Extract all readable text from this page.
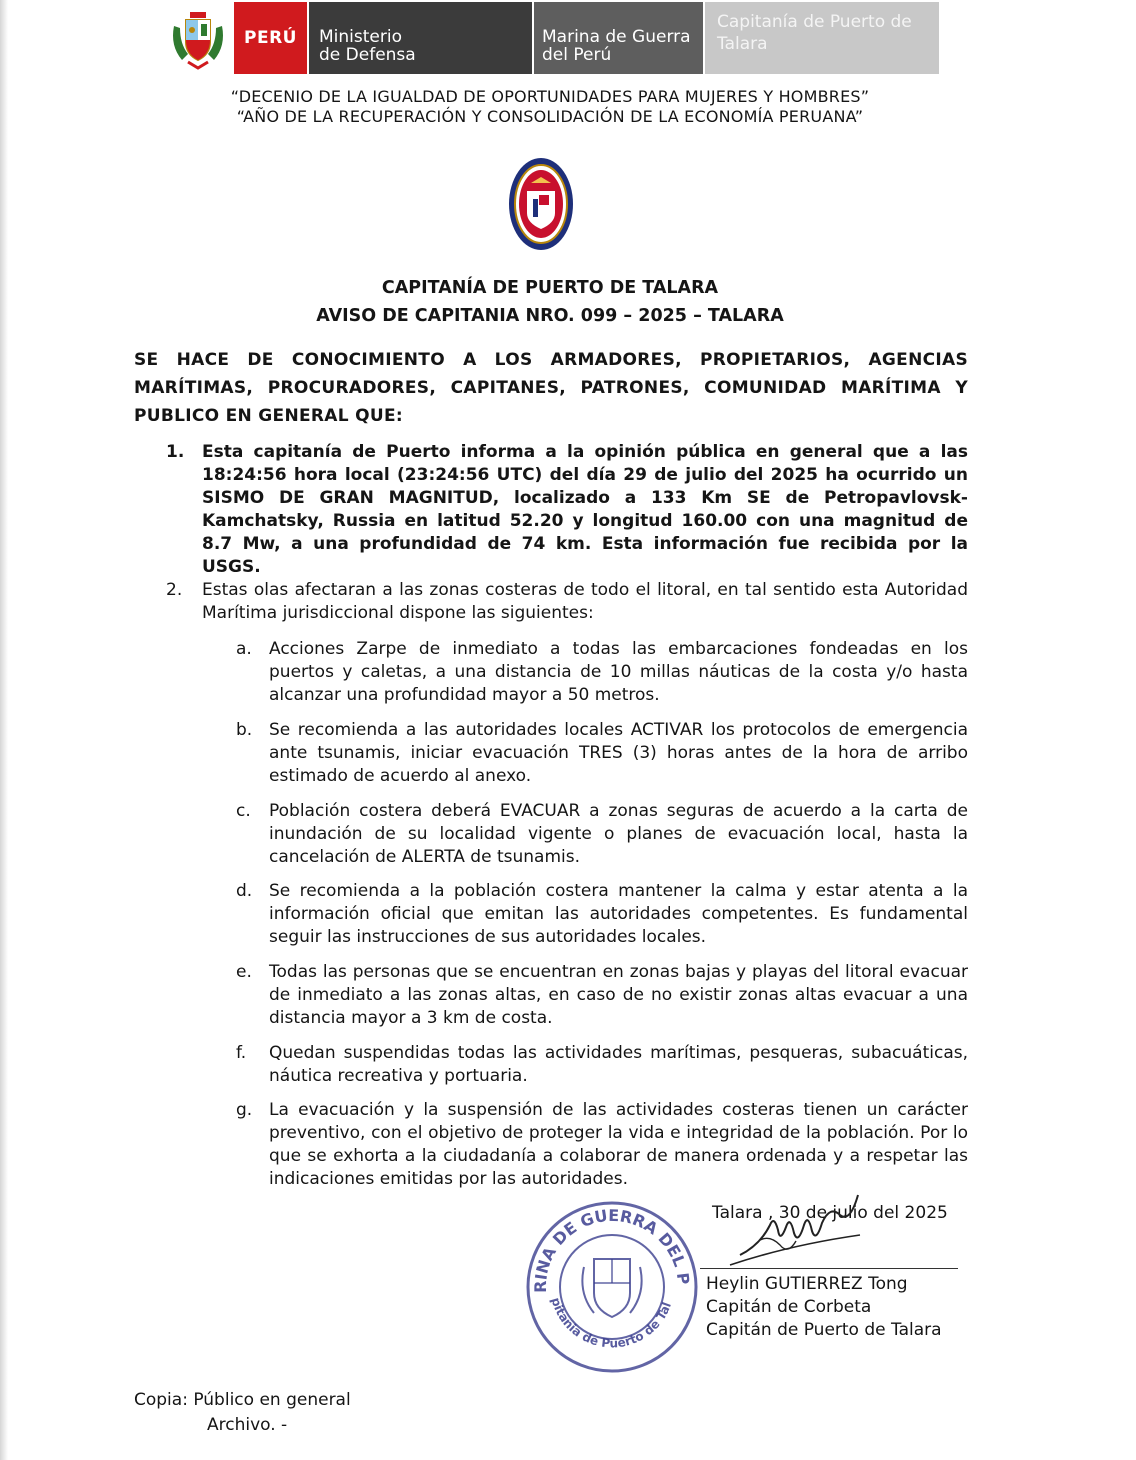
PERÚ	Ministerio
de Defensa
Marina de Guerra
del Perú
Capitanía de Puerto de
Talara
“DECENIO DE LA IGUALDAD DE OPORTUNIDADES PARA MUJERES Y HOMBRES”
“AÑO DE LA RECUPERACIÓN Y CONSOLIDACIÓN DE LA ECONOMÍA PERUANA”
CAPITANÍA DE PUERTO DE TALARA
AVISO DE CAPITANIA NRO. 099 – 2025 – TALARA
SE HACE DE CONOCIMIENTO A LOS ARMADORES, PROPIETARIOS, AGENCIAS MARÍTIMAS, PROCURADORES, CAPITANES, PATRONES, COMUNIDAD MARÍTIMA Y PUBLICO EN GENERAL QUE:
1. Esta capitanía de Puerto informa a la opinión pública en general que a las 18:24:56 hora local (23:24:56 UTC) del día 29 de julio del 2025 ha ocurrido un SISMO DE GRAN MAGNITUD, localizado a 133 Km SE de Petropavlovsk- Kamchatsky, Russia en latitud 52.20 y longitud 160.00 con una magnitud de 8.7 Mw, a una profundidad de 74 km. Esta información fue recibida por la USGS.
2. Estas olas afectaran a las zonas costeras de todo el litoral, en tal sentido esta Autoridad Marítima jurisdiccional dispone las siguientes:
a. Acciones Zarpe de inmediato a todas las embarcaciones fondeadas en los puertos y caletas, a una distancia de 10 millas náuticas de la costa y/o hasta alcanzar una profundidad mayor a 50 metros.
b. Se recomienda a las autoridades locales ACTIVAR los protocolos de emergencia ante tsunamis, iniciar evacuación TRES (3) horas antes de la hora de arribo estimado de acuerdo al anexo.
c. Población costera deberá EVACUAR a zonas seguras de acuerdo a la carta de inundación de su localidad vigente o planes de evacuación local, hasta la cancelación de ALERTA de tsunamis.
d. Se recomienda a la población costera mantener la calma y estar atenta a la información oficial que emitan las autoridades competentes. Es fundamental seguir las instrucciones de sus autoridades locales.
e. Todas las personas que se encuentran en zonas bajas y playas del litoral evacuar de inmediato a las zonas altas, en caso de no existir zonas altas evacuar a una distancia mayor a 3 km de costa.
f. Quedan suspendidas todas las actividades marítimas, pesqueras, subacuáticas, náutica recreativa y portuaria.
g. La evacuación y la suspensión de las actividades costeras tienen un carácter preventivo, con el objetivo de proteger la vida e integridad de la población. Por lo que se exhorta a la ciudadanía a colaborar de manera ordenada y a respetar las indicaciones emitidas por las autoridades.
Talara , 30 de julio del 2025
RINA DE GUERRA DEL P
pitania de Puerto de Tal
Heylin GUTIERREZ Tong
Capitán de Corbeta
Capitán de Puerto de Talara
Copia: Público en general
Archivo. -
